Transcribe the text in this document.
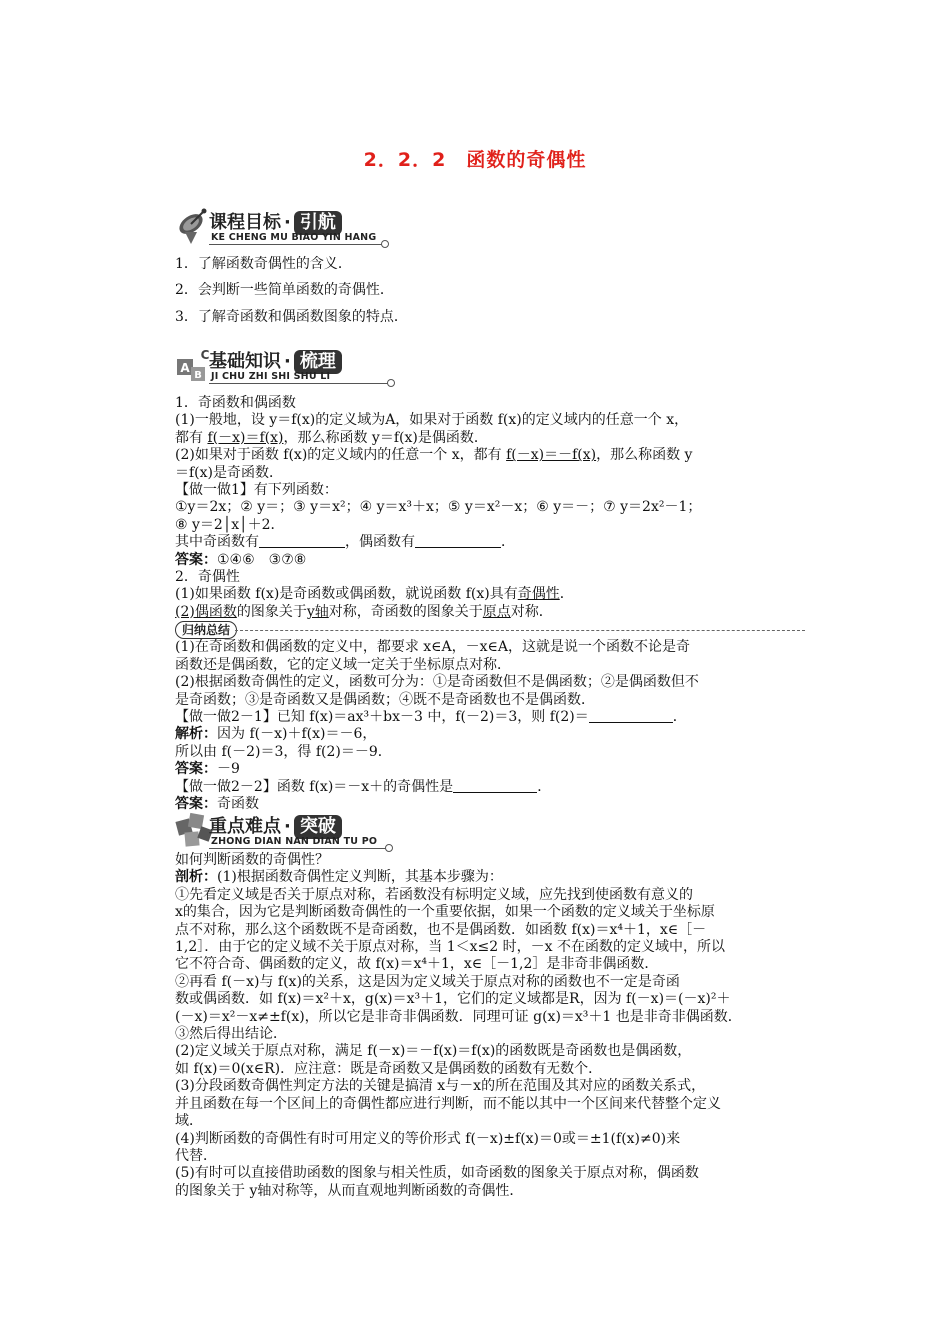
2．2．2　函数的奇偶性
课程目标 · 引航
KE CHENG MU BIAO YIN HANG

1．了解函数奇偶性的含义．

2．会判断一些简单函数的奇偶性．

3．了解奇函数和偶函数图象的特点．

A
B
C 基础知识 · 梳理
JI CHU ZHI SHI SHU LI

1．奇函数和偶函数

(1)一般地，设 y＝f(x)的定义域为A，如果对于函数 f(x)的定义域内的任意一个 x，

都有 f(－x)＝f(x)，那么称函数 y＝f(x)是偶函数．

(2)如果对于函数 f(x)的定义域内的任意一个 x，都有 f(－x)＝－f(x)，那么称函数 y

＝f(x)是奇函数．

【做一做1】有下列函数：

①y＝2x；② y＝；③ y＝x²；④ y＝x³＋x；⑤ y＝x²－x；⑥ y＝－；⑦ y＝2x²－1；

⑧ y＝2│x│＋2．

其中奇函数有	，偶函数有	．

答案：①④⑥　③⑦⑧

2．奇偶性

(1)如果函数 f(x)是奇函数或偶函数，就说函数 f(x)具有奇偶性．

(2)偶函数的图象关于y轴对称，奇函数的图象关于原点对称．

归纳总结

(1)在奇函数和偶函数的定义中，都要求 x∈A，－x∈A，这就是说一个函数不论是奇

函数还是偶函数，它的定义域一定关于坐标原点对称．

(2)根据函数奇偶性的定义，函数可分为：①是奇函数但不是偶函数；②是偶函数但不

是奇函数；③是奇函数又是偶函数；④既不是奇函数也不是偶函数．

【做一做2－1】已知 f(x)＝ax³＋bx－3 中，f(－2)＝3，则 f(2)＝	．

解析：因为 f(－x)＋f(x)＝－6，

所以由 f(－2)＝3，得 f(2)＝－9．

答案：－9

【做一做2－2】函数 f(x)＝－x＋的奇偶性是	．

答案：奇函数

重点难点 · 突破
ZHONG DIAN NAN DIAN TU PO

如何判断函数的奇偶性？

剖析：(1)根据函数奇偶性定义判断，其基本步骤为：

①先看定义域是否关于原点对称，若函数没有标明定义域，应先找到使函数有意义的

x的集合，因为它是判断函数奇偶性的一个重要依据，如果一个函数的定义域关于坐标原

点不对称，那么这个函数既不是奇函数，也不是偶函数．如函数 f(x)＝x⁴＋1，x∈［－

1,2］．由于它的定义域不关于原点对称，当 1＜x≤2 时，－x 不在函数的定义域中，所以

它不符合奇、偶函数的定义，故 f(x)＝x⁴＋1，x∈［－1,2］是非奇非偶函数．

②再看 f(－x)与 f(x)的关系，这是因为定义域关于原点对称的函数也不一定是奇函

数或偶函数．如 f(x)＝x²＋x，g(x)＝x³＋1，它们的定义域都是R，因为 f(－x)＝(－x)²＋

(－x)＝x²－x≠±f(x)，所以它是非奇非偶函数．同理可证 g(x)＝x³＋1 也是非奇非偶函数．

③然后得出结论．

(2)定义域关于原点对称，满足 f(－x)＝－f(x)＝f(x)的函数既是奇函数也是偶函数，

如 f(x)＝0(x∈R)．应注意：既是奇函数又是偶函数的函数有无数个．

(3)分段函数奇偶性判定方法的关键是搞清 x与－x的所在范围及其对应的函数关系式，

并且函数在每一个区间上的奇偶性都应进行判断，而不能以其中一个区间来代替整个定义

域．

(4)判断函数的奇偶性有时可用定义的等价形式 f(－x)±f(x)＝0或＝±1(f(x)≠0)来

代替．

(5)有时可以直接借助函数的图象与相关性质，如奇函数的图象关于原点对称，偶函数

的图象关于 y轴对称等，从而直观地判断函数的奇偶性．
